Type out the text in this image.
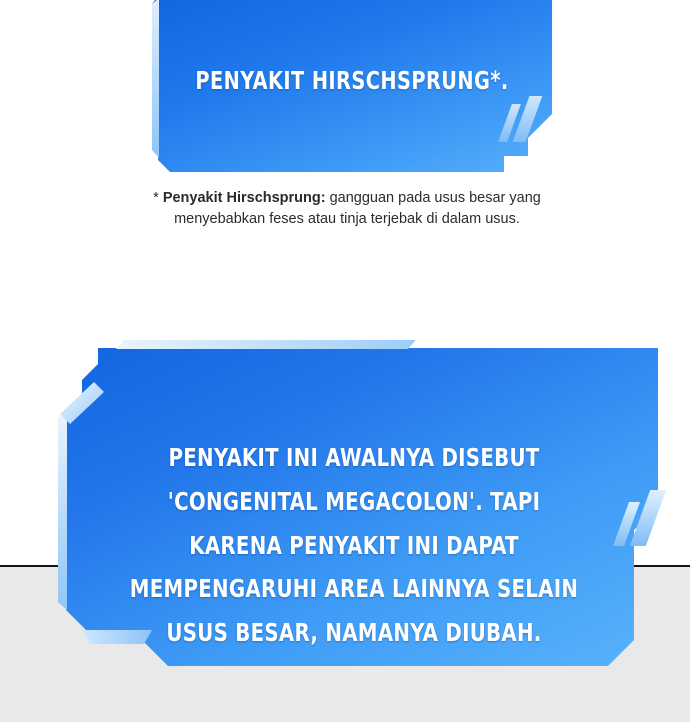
PENYAKIT HIRSCHSPRUNG*.
* Penyakit Hirschsprung: gangguan pada usus besar yang menyebabkan feses atau tinja terjebak di dalam usus.
PENYAKIT INI AWALNYA DISEBUT 'CONGENITAL MEGACOLON'. TAPI KARENA PENYAKIT INI DAPAT MEMPENGARUHI AREA LAINNYA SELAIN USUS BESAR, NAMANYA DIUBAH.
